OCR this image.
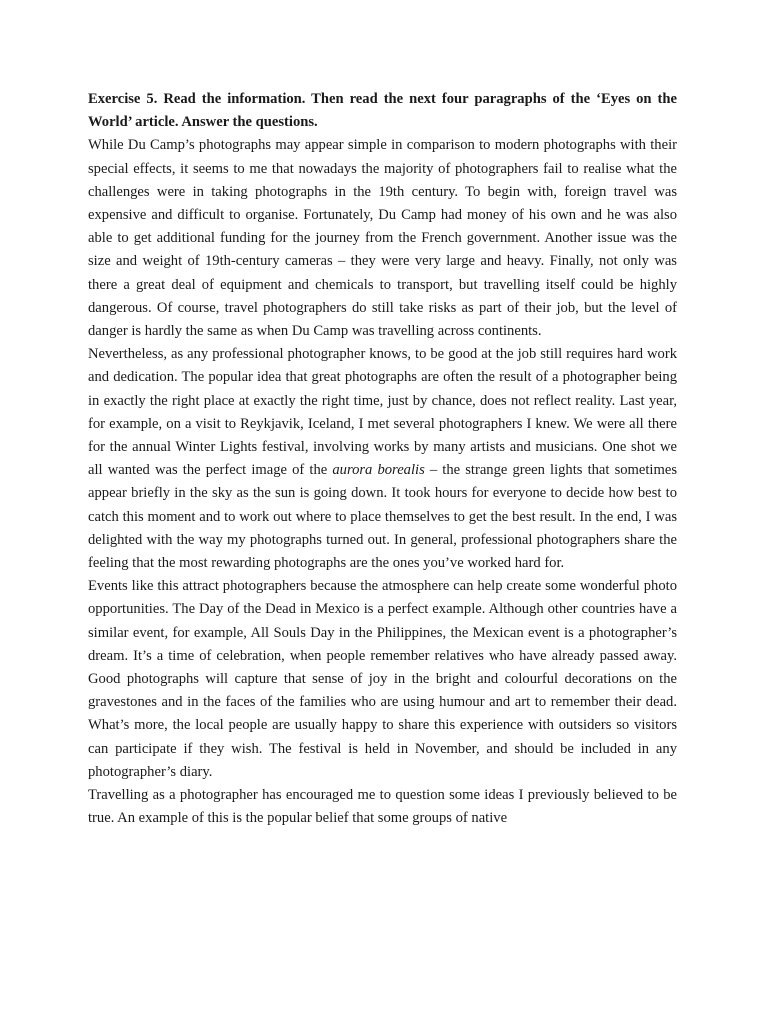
Exercise 5. Read the information. Then read the next four paragraphs of the ‘Eyes on the World’ article. Answer the questions.

While Du Camp’s photographs may appear simple in comparison to modern photographs with their special effects, it seems to me that nowadays the majority of photographers fail to realise what the challenges were in taking photographs in the 19th century. To begin with, foreign travel was expensive and difficult to organise. Fortunately, Du Camp had money of his own and he was also able to get additional funding for the journey from the French government. Another issue was the size and weight of 19th-century cameras – they were very large and heavy. Finally, not only was there a great deal of equipment and chemicals to transport, but travelling itself could be highly dangerous. Of course, travel photographers do still take risks as part of their job, but the level of danger is hardly the same as when Du Camp was travelling across continents.

Nevertheless, as any professional photographer knows, to be good at the job still requires hard work and dedication. The popular idea that great photographs are often the result of a photographer being in exactly the right place at exactly the right time, just by chance, does not reflect reality. Last year, for example, on a visit to Reykjavik, Iceland, I met several photographers I knew. We were all there for the annual Winter Lights festival, involving works by many artists and musicians. One shot we all wanted was the perfect image of the aurora borealis – the strange green lights that sometimes appear briefly in the sky as the sun is going down. It took hours for everyone to decide how best to catch this moment and to work out where to place themselves to get the best result. In the end, I was delighted with the way my photographs turned out. In general, professional photographers share the feeling that the most rewarding photographs are the ones you’ve worked hard for.

Events like this attract photographers because the atmosphere can help create some wonderful photo opportunities. The Day of the Dead in Mexico is a perfect example. Although other countries have a similar event, for example, All Souls Day in the Philippines, the Mexican event is a photographer’s dream. It’s a time of celebration, when people remember relatives who have already passed away. Good photographs will capture that sense of joy in the bright and colourful decorations on the gravestones and in the faces of the families who are using humour and art to remember their dead. What’s more, the local people are usually happy to share this experience with outsiders so visitors can participate if they wish. The festival is held in November, and should be included in any photographer’s diary.

Travelling as a photographer has encouraged me to question some ideas I previously believed to be true. An example of this is the popular belief that some groups of native
